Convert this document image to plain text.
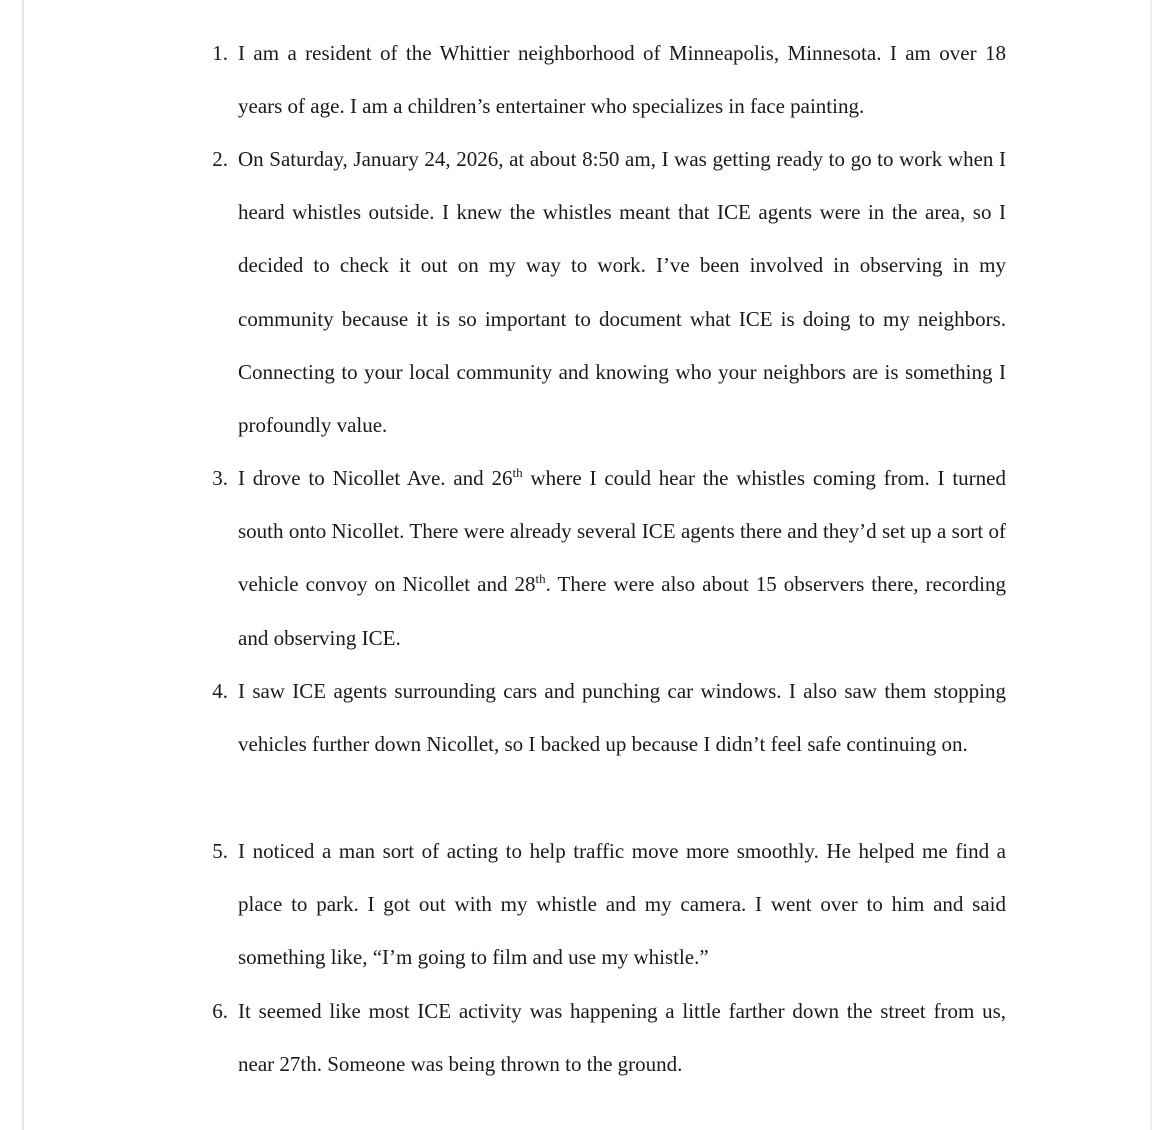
1. I am a resident of the Whittier neighborhood of Minneapolis, Minnesota. I am over 18 years of age. I am a children’s entertainer who specializes in face painting.
2. On Saturday, January 24, 2026, at about 8:50 am, I was getting ready to go to work when I heard whistles outside. I knew the whistles meant that ICE agents were in the area, so I decided to check it out on my way to work. I’ve been involved in observing in my community because it is so important to document what ICE is doing to my neighbors. Connecting to your local community and knowing who your neighbors are is something I profoundly value.
3. I drove to Nicollet Ave. and 26th where I could hear the whistles coming from. I turned south onto Nicollet. There were already several ICE agents there and they’d set up a sort of vehicle convoy on Nicollet and 28th. There were also about 15 observers there, recording and observing ICE.
4. I saw ICE agents surrounding cars and punching car windows. I also saw them stopping vehicles further down Nicollet, so I backed up because I didn’t feel safe continuing on.
5. I noticed a man sort of acting to help traffic move more smoothly. He helped me find a place to park. I got out with my whistle and my camera. I went over to him and said something like, “I’m going to film and use my whistle.”
6. It seemed like most ICE activity was happening a little farther down the street from us, near 27th. Someone was being thrown to the ground.
